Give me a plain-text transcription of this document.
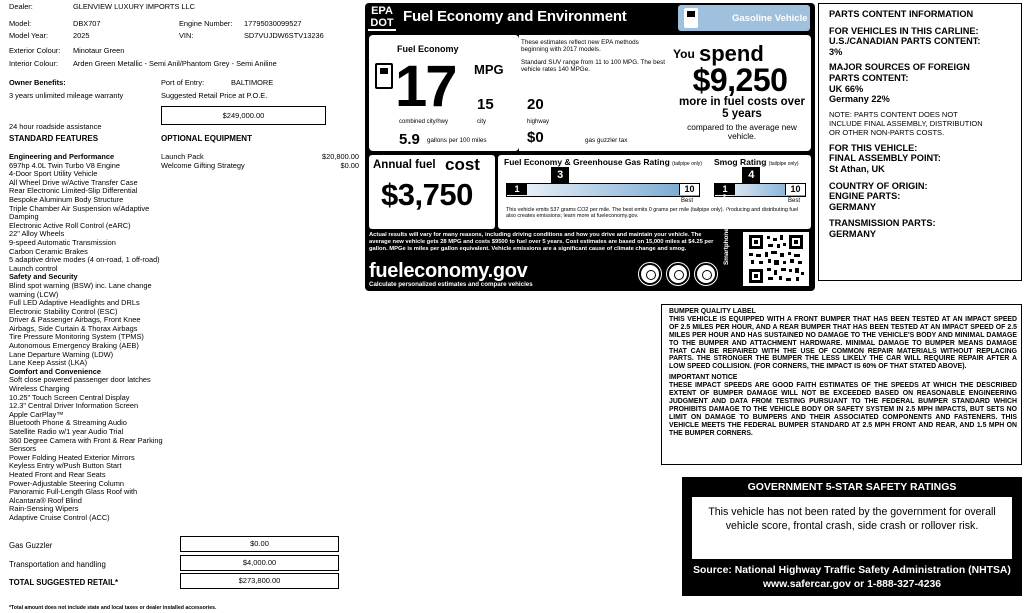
Dealer:	GLENVIEW LUXURY IMPORTS LLC
Model:	DBX707	Engine Number: 17795030099527
Model Year:	2025	VIN:	SD7VUJDW6STV13236
Exterior Colour: Minotaur Green
Interior Colour: Arden Green Metallic - Semi Anil/Phantom Grey - Semi Aniline
Owner Benefits:
3 years unlimited mileage warranty
Port of Entry:	BALTIMORE
Suggested Retail Price at P.O.E.
$249,000.00
24 hour roadside assistance
STANDARD FEATURES	OPTIONAL EQUIPMENT
Engineering and Performance
697hp 4.0L Twin Turbo V8 Engine
4-Door Sport Utility Vehicle
All Wheel Drive w/Active Transfer Case
Rear Electronic Limited-Slip Differential
Bespoke Aluminum Body Structure
Triple Chamber Air Suspension w/Adaptive
Damping
Electronic Active Roll Control (eARC)
22" Alloy Wheels
9-speed Automatic Transmission
Carbon Ceramic Brakes
5 adaptive drive modes (4 on-road, 1 off-road)
Launch control
Safety and Security
Blind spot warning (BSW) inc. Lane change
warning (LCW)
Full LED Adaptive Headlights and DRLs
Electronic Stability Control (ESC)
Driver & Passenger Airbags, Front Knee
Airbags, Side Curtain & Thorax Airbags
Tire Pressure Monitoring System (TPMS)
Autonomous Emergency Braking (AEB)
Lane Departure Warning (LDW)
Lane Keep Assist (LKA)
Comfort and Convenience
Soft close powered passenger door latches
Wireless Charging
10.25" Touch Screen Central Display
12.3" Central Driver Information Screen
Apple CarPlay™
Bluetooth Phone & Streaming Audio
Satellite Radio w/1 year Audio Trial
360 Degree Camera with Front & Rear Parking
Sensors
Power Folding Heated Exterior Mirrors
Keyless Entry w/Push Button Start
Heated Front and Rear Seats
Power-Adjustable Steering Column
Panoramic Full-Length Glass Roof with
Alcantara® Roof Blind
Rain-Sensing Wipers
Adaptive Cruise Control (ACC)
Launch Pack	$20,800.00
Welcome Gifting Strategy	$0.00
Gas Guzzler	$0.00
Transportation and handling	$4,000.00
TOTAL SUGGESTED RETAIL*	$273,800.00
*Total amount does not include state and local taxes or dealer installed accessories.
EPA
DOT Fuel Economy and Environment	Gasoline Vehicle
Fuel Economy
17 MPG
15
combined city/hwy	city
5.9 gallons per 100 miles
These estimates reflect new EPA methods beginning with 2017 models.
Standard SUV range from 11 to 100 MPG. The best vehicle rates 140 MPGe.
20
highway
$0	gas guzzler tax
You spend
$9,250
more in fuel costs over 5 years
compared to the average new vehicle.
Annual fuel cost
$3,750
Fuel Economy & Greenhouse Gas Rating (tailpipe only) Smog Rating (tailpipe only)
3
1	10
Best
4
1	10
Best
This vehicle emits 537 grams CO2 per mile. The best emits 0 grams per mile (tailpipe only). Producing and distributing fuel also creates emissions; learn more at fueleconomy.gov.
Actual results will vary for many reasons, including driving conditions and how you drive and maintain your vehicle. The average new vehicle gets 28 MPG and costs $9500 to fuel over 5 years. Cost estimates are based on 15,000 miles at $4.25 per gallon. MPGe is miles per gallon equivalent. Vehicle emissions are a significant cause of climate change and smog.
fueleconomy.gov
Calculate personalized estimates and compare vehicles
Smartphone QR Code™
PARTS CONTENT INFORMATION
FOR VEHICLES IN THIS CARLINE:
U.S./CANADIAN PARTS CONTENT:
3%
MAJOR SOURCES OF FOREIGN
PARTS CONTENT:
UK 66%
Germany 22%
NOTE: PARTS CONTENT DOES NOT
INCLUDE FINAL ASSEMBLY, DISTRIBUTION
OR OTHER NON-PARTS COSTS.
FOR THIS VEHICLE:
FINAL ASSEMBLY POINT:
St Athan, UK
COUNTRY OF ORIGIN:
ENGINE PARTS:
GERMANY
TRANSMISSION PARTS:
GERMANY
BUMPER QUALITY LABEL
THIS VEHICLE IS EQUIPPED WITH A FRONT BUMPER THAT HAS BEEN TESTED AT AN IMPACT SPEED OF 2.5 MILES PER HOUR, AND A REAR BUMPER THAT HAS BEEN TESTED AT AN IMPACT SPEED OF 2.5 MILES PER HOUR AND HAS SUSTAINED NO DAMAGE TO THE VEHICLE'S BODY AND MINIMAL DAMAGE TO THE BUMPER AND ATTACHMENT HARDWARE. MINIMAL DAMAGE TO BUMPER MEANS DAMAGE THAT CAN BE REPAIRED WITH THE USE OF COMMON REPAIR MATERIALS WITHOUT REPLACING PARTS. THE STRONGER THE BUMPER THE LESS LIKELY THE CAR WILL REQUIRE REPAIR AFTER A LOW SPEED COLLISION. (FOR CORNERS, THE IMPACT IS 60% OF THAT STATED ABOVE).
IMPORTANT NOTICE
THESE IMPACT SPEEDS ARE GOOD FAITH ESTIMATES OF THE SPEEDS AT WHICH THE DESCRIBED EXTENT OF BUMPER DAMAGE WILL NOT BE EXCEEDED BASED ON REASONABLE ENGINEERING JUDGMENT AND DATA FROM TESTING PURSUANT TO THE FEDERAL BUMPER STANDARD WHICH PROHIBITS DAMAGE TO THE VEHICLE BODY OR SAFETY SYSTEM IN 2.5 MPH IMPACTS, BUT SETS NO LIMIT ON DAMAGE TO BUMPERS AND THEIR ASSOCIATED COMPONENTS AND FASTENERS. THIS VEHICLE MEETS THE FEDERAL BUMPER STANDARD AT 2.5 MPH FRONT AND REAR, AND 1.5 MPH ON THE BUMPER CORNERS.
GOVERNMENT 5-STAR SAFETY RATINGS
This vehicle has not been rated by the government for overall vehicle score, frontal crash, side crash or rollover risk.
Source: National Highway Traffic Safety Administration (NHTSA)
www.safercar.gov or 1-888-327-4236
